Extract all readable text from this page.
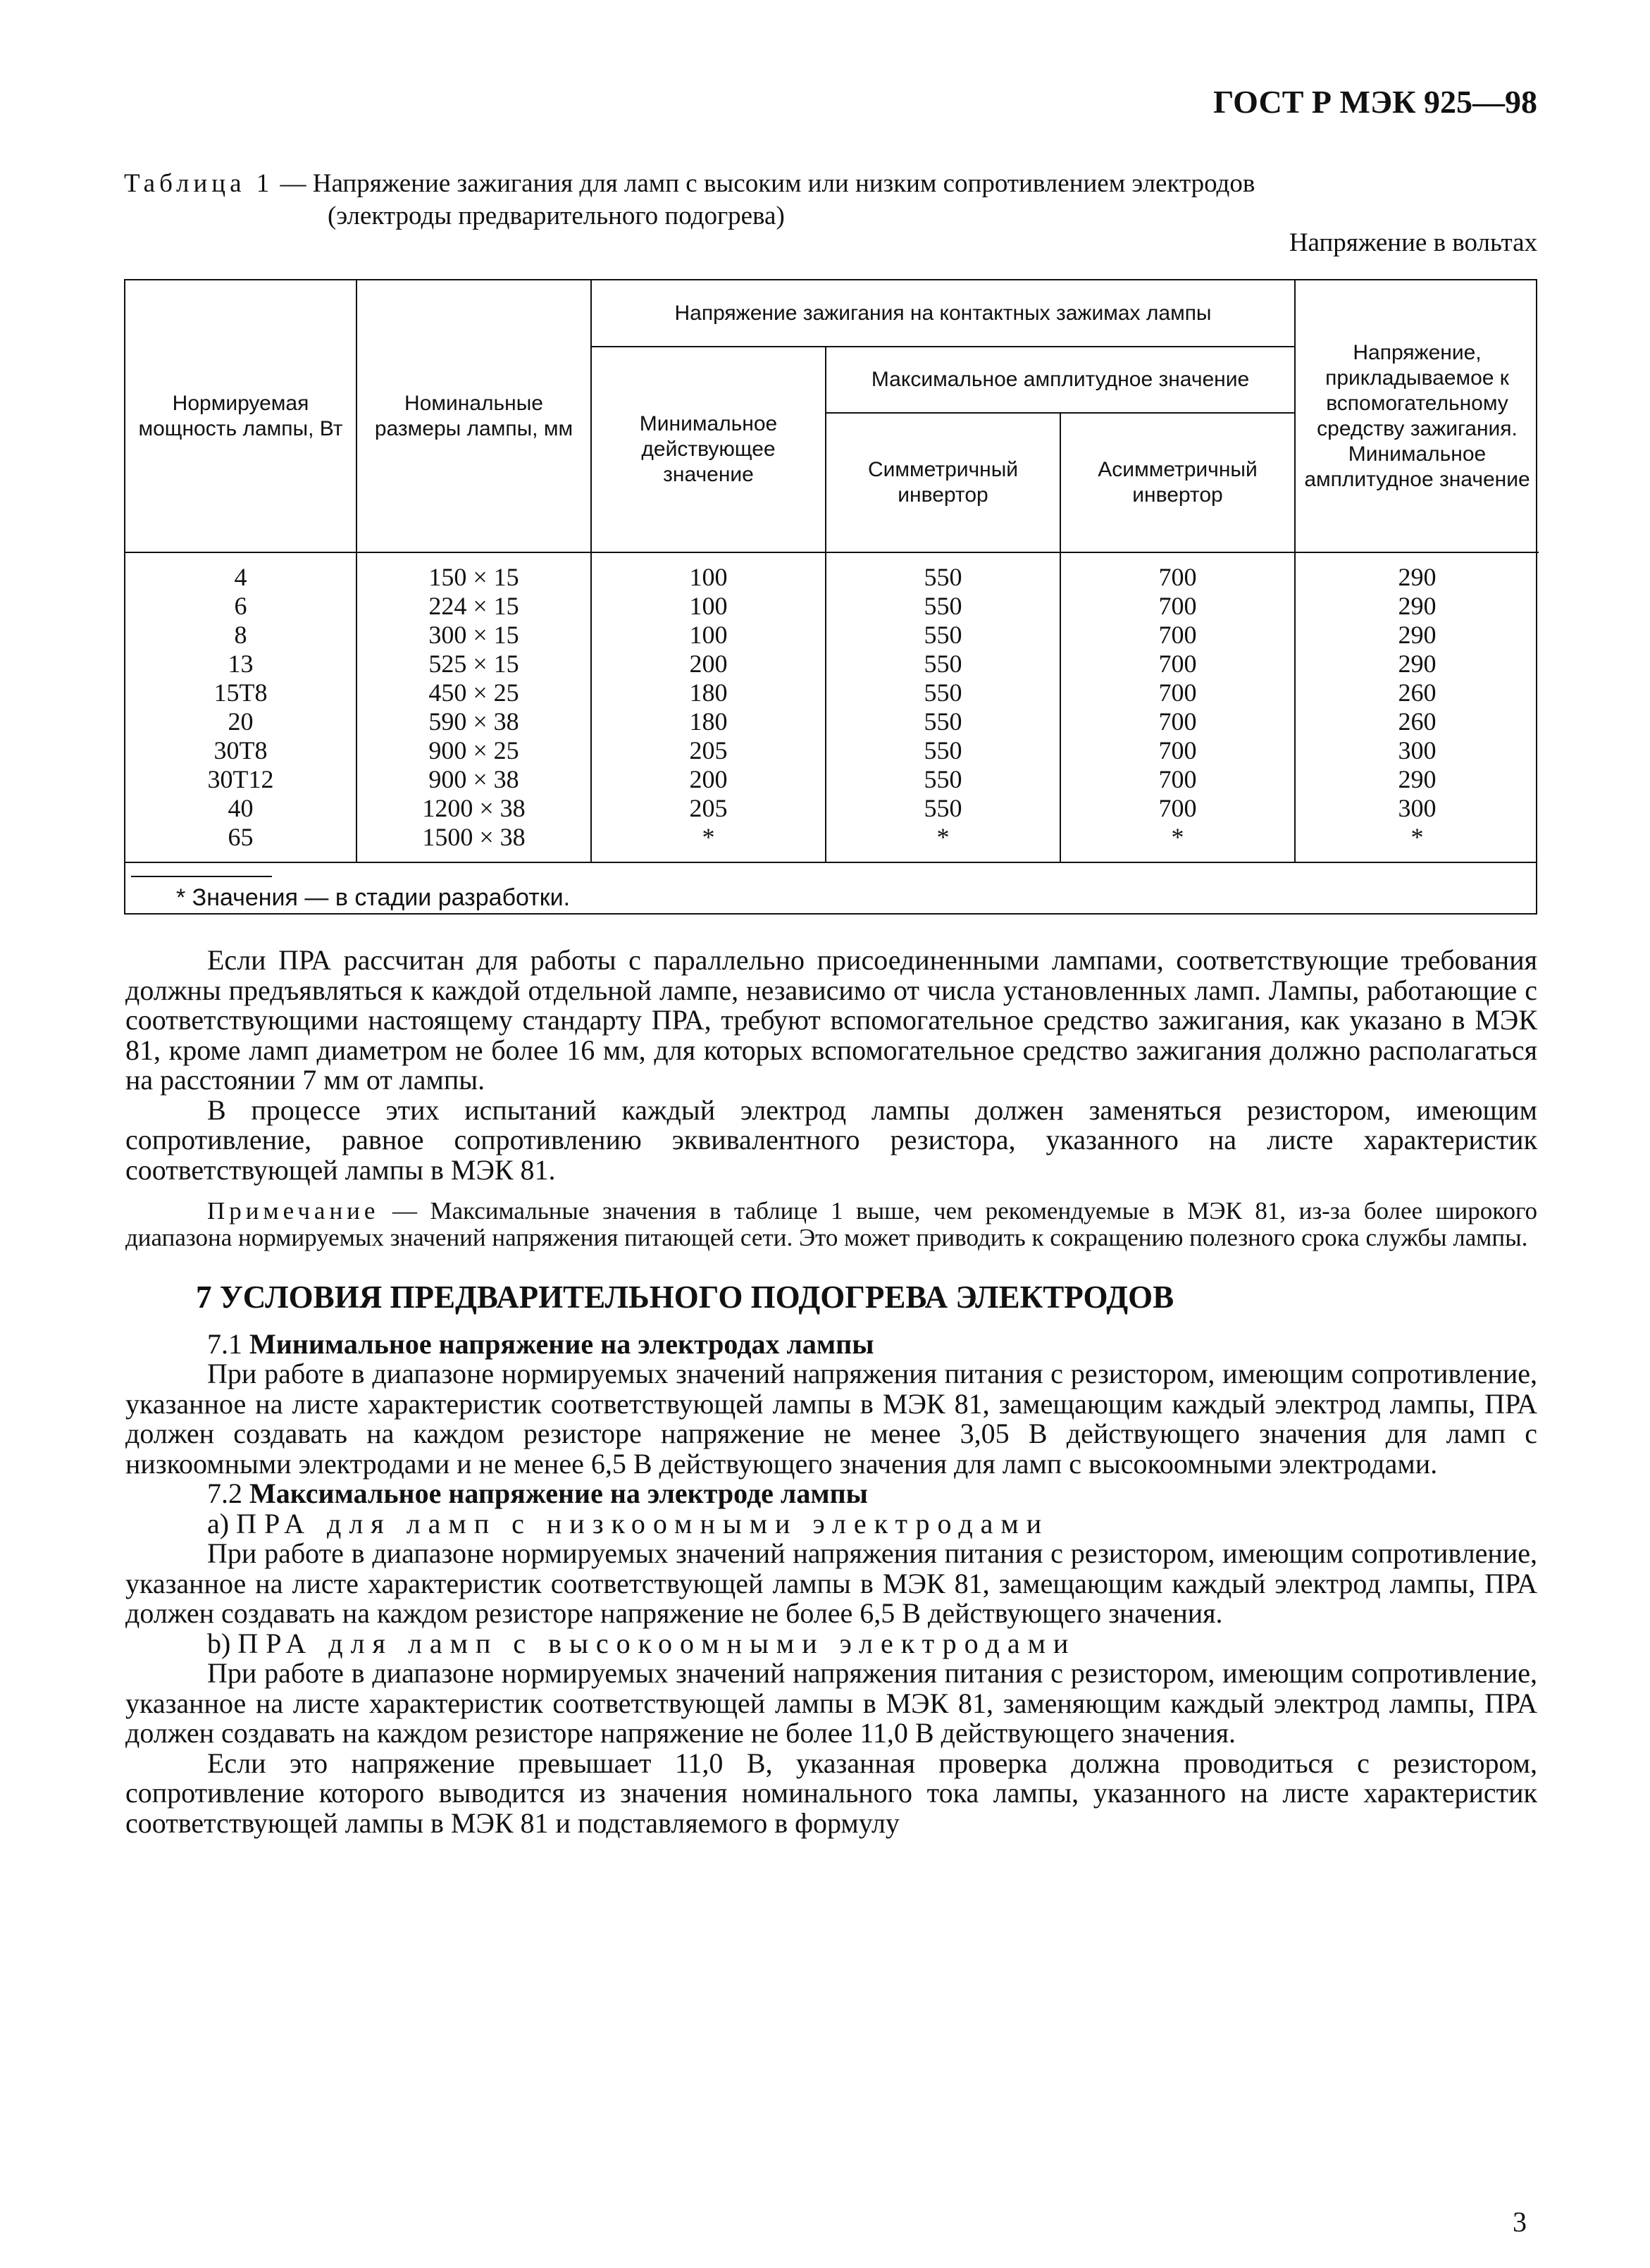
ГОСТ Р МЭК 925—98
Таблица 1 — Напряжение зажигания для ламп с высоким или низким сопротивлением электродов
(электроды предварительного подогрева)
Напряжение в вольтах
Нормируемая мощность лампы, Вт	Номинальные размеры лампы, мм	Напряжение зажигания на контактных зажимах лампы			Напряжение, прикладываемое к вспомогательному средству зажигания. Минимальное амплитудное значение
		Минимальное действующее значение	Максимальное амплитудное значение		
			Симметричный инвертор	Асимметричный инвертор	
4	150 × 15	100	550	700	290
6	224 × 15	100	550	700	290
8	300 × 15	100	550	700	290
13	525 × 15	200	550	700	290
15T8	450 × 25	180	550	700	260
20	590 × 38	180	550	700	260
30T8	900 × 25	205	550	700	300
30T12	900 × 38	200	550	700	290
40	1200 × 38	205	550	700	300
65	1500 × 38	*	*	*	*
* Значения — в стадии разработки.

Если ПРА рассчитан для работы с параллельно присоединенными лампами, соответствующие требования должны предъявляться к каждой отдельной лампе, независимо от числа установленных ламп. Лампы, работающие с соответствующими настоящему стандарту ПРА, требуют вспомогательное средство зажигания, как указано в МЭК 81, кроме ламп диаметром не более 16 мм, для которых вспомогательное средство зажигания должно располагаться на расстоянии 7 мм от лампы.

В процессе этих испытаний каждый электрод лампы должен заменяться резистором, имеющим сопротивление, равное сопротивлению эквивалентного резистора, указанного на листе характеристик соответствующей лампы в МЭК 81.

Примечание — Максимальные значения в таблице 1 выше, чем рекомендуемые в МЭК 81, из-за более широкого диапазона нормируемых значений напряжения питающей сети. Это может приводить к сокращению полезного срока службы лампы.

7 УСЛОВИЯ ПРЕДВАРИТЕЛЬНОГО ПОДОГРЕВА ЭЛЕКТРОДОВ
7.1 Минимальное напряжение на электродах лампы

При работе в диапазоне нормируемых значений напряжения питания с резистором, имеющим сопротивление, указанное на листе характеристик соответствующей лампы в МЭК 81, замещающим каждый электрод лампы, ПРА должен создавать на каждом резисторе напряжение не менее 3,05 В действующего значения для ламп с низкоомными электродами и не менее 6,5 В действующего значения для ламп с высокоомными электродами.

7.2 Максимальное напряжение на электроде лампы
а) ПРА для ламп с низкоомными электродами

При работе в диапазоне нормируемых значений напряжения питания с резистором, имеющим сопротивление, указанное на листе характеристик соответствующей лампы в МЭК 81, замещающим каждый электрод лампы, ПРА должен создавать на каждом резисторе напряжение не более 6,5 В действующего значения.

b) ПРА для ламп с высокоомными электродами

При работе в диапазоне нормируемых значений напряжения питания с резистором, имеющим сопротивление, указанное на листе характеристик соответствующей лампы в МЭК 81, заменяющим каждый электрод лампы, ПРА должен создавать на каждом резисторе напряжение не более 11,0 В действующего значения.

Если это напряжение превышает 11,0 В, указанная проверка должна проводиться с резистором, сопротивление которого выводится из значения номинального тока лампы, указанного на листе характеристик соответствующей лампы в МЭК 81 и подставляемого в формулу

3
